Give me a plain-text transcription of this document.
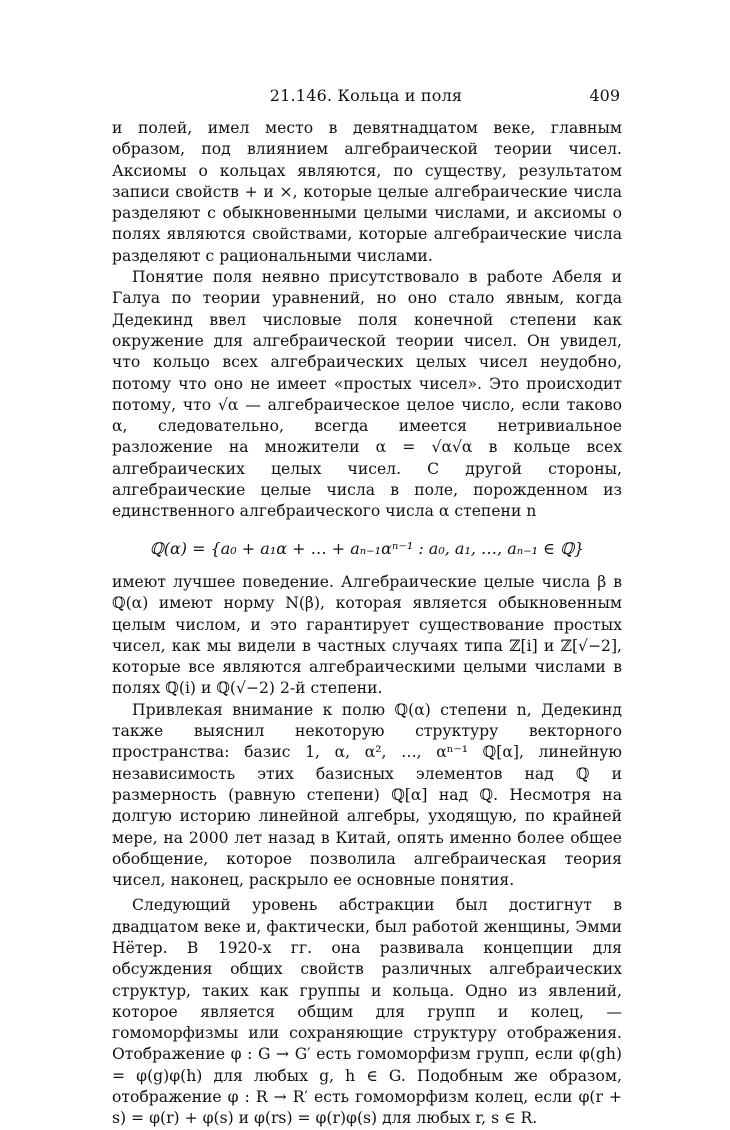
21.146. Кольца и поля	409

и полей, имел место в девятнадцатом веке, главным образом, под влиянием алгебраической теории чисел. Аксиомы о кольцах являются, по существу, результатом записи свойств + и ×, которые целые алгебраические числа разделяют с обыкновенными целыми числами, и аксиомы о полях являются свойствами, которые алгебраические числа разделяют с рациональными числами.

Понятие поля неявно присутствовало в работе Абеля и Галуа по теории уравнений, но оно стало явным, когда Дедекинд ввел числовые поля конечной степени как окружение для алгебраической теории чисел. Он увидел, что кольцо всех алгебраических целых чисел неудобно, потому что оно не имеет «простых чисел». Это происходит потому, что √α — алгебраическое целое число, если таково α, следовательно, всегда имеется нетривиальное разложение на множители α = √α√α в кольце всех алгебраических целых чисел. С другой стороны, алгебраические целые числа в поле, порожденном из единственного алгебраического числа α степени n

ℚ(α) = {a₀ + a₁α + … + aₙ₋₁αⁿ⁻¹ : a₀, a₁, …, aₙ₋₁ ∈ ℚ}

имеют лучшее поведение. Алгебраические целые числа β в ℚ(α) имеют норму N(β), которая является обыкновенным целым числом, и это гарантирует существование простых чисел, как мы видели в частных случаях типа ℤ[i] и ℤ[√−2], которые все являются алгебраическими целыми числами в полях ℚ(i) и ℚ(√−2) 2-й степени.

Привлекая внимание к полю ℚ(α) степени n, Дедекинд также выяснил некоторую структуру векторного пространства: базис 1, α, α², …, αⁿ⁻¹ ℚ[α], линейную независимость этих базисных элементов над ℚ и размерность (равную степени) ℚ[α] над ℚ. Несмотря на долгую историю линейной алгебры, уходящую, по крайней мере, на 2000 лет назад в Китай, опять именно более общее обобщение, которое позволила алгебраическая теория чисел, наконец, раскрыло ее основные понятия.

Следующий уровень абстракции был достигнут в двадцатом веке и, фактически, был работой женщины, Эмми Нётер. В 1920-х гг. она развивала концепции для обсуждения общих свойств различных алгебраических структур, таких как группы и кольца. Одно из явлений, которое является общим для групп и колец, — гомоморфизмы или сохраняющие структуру отображения. Отображение φ : G → G′ есть гомоморфизм групп, если φ(gh) = φ(g)φ(h) для любых g, h ∈ G. Подобным же образом, отображение φ : R → R′ есть гомоморфизм колец, если φ(r + s) = φ(r) + φ(s) и φ(rs) = φ(r)φ(s) для любых r, s ∈ R.
